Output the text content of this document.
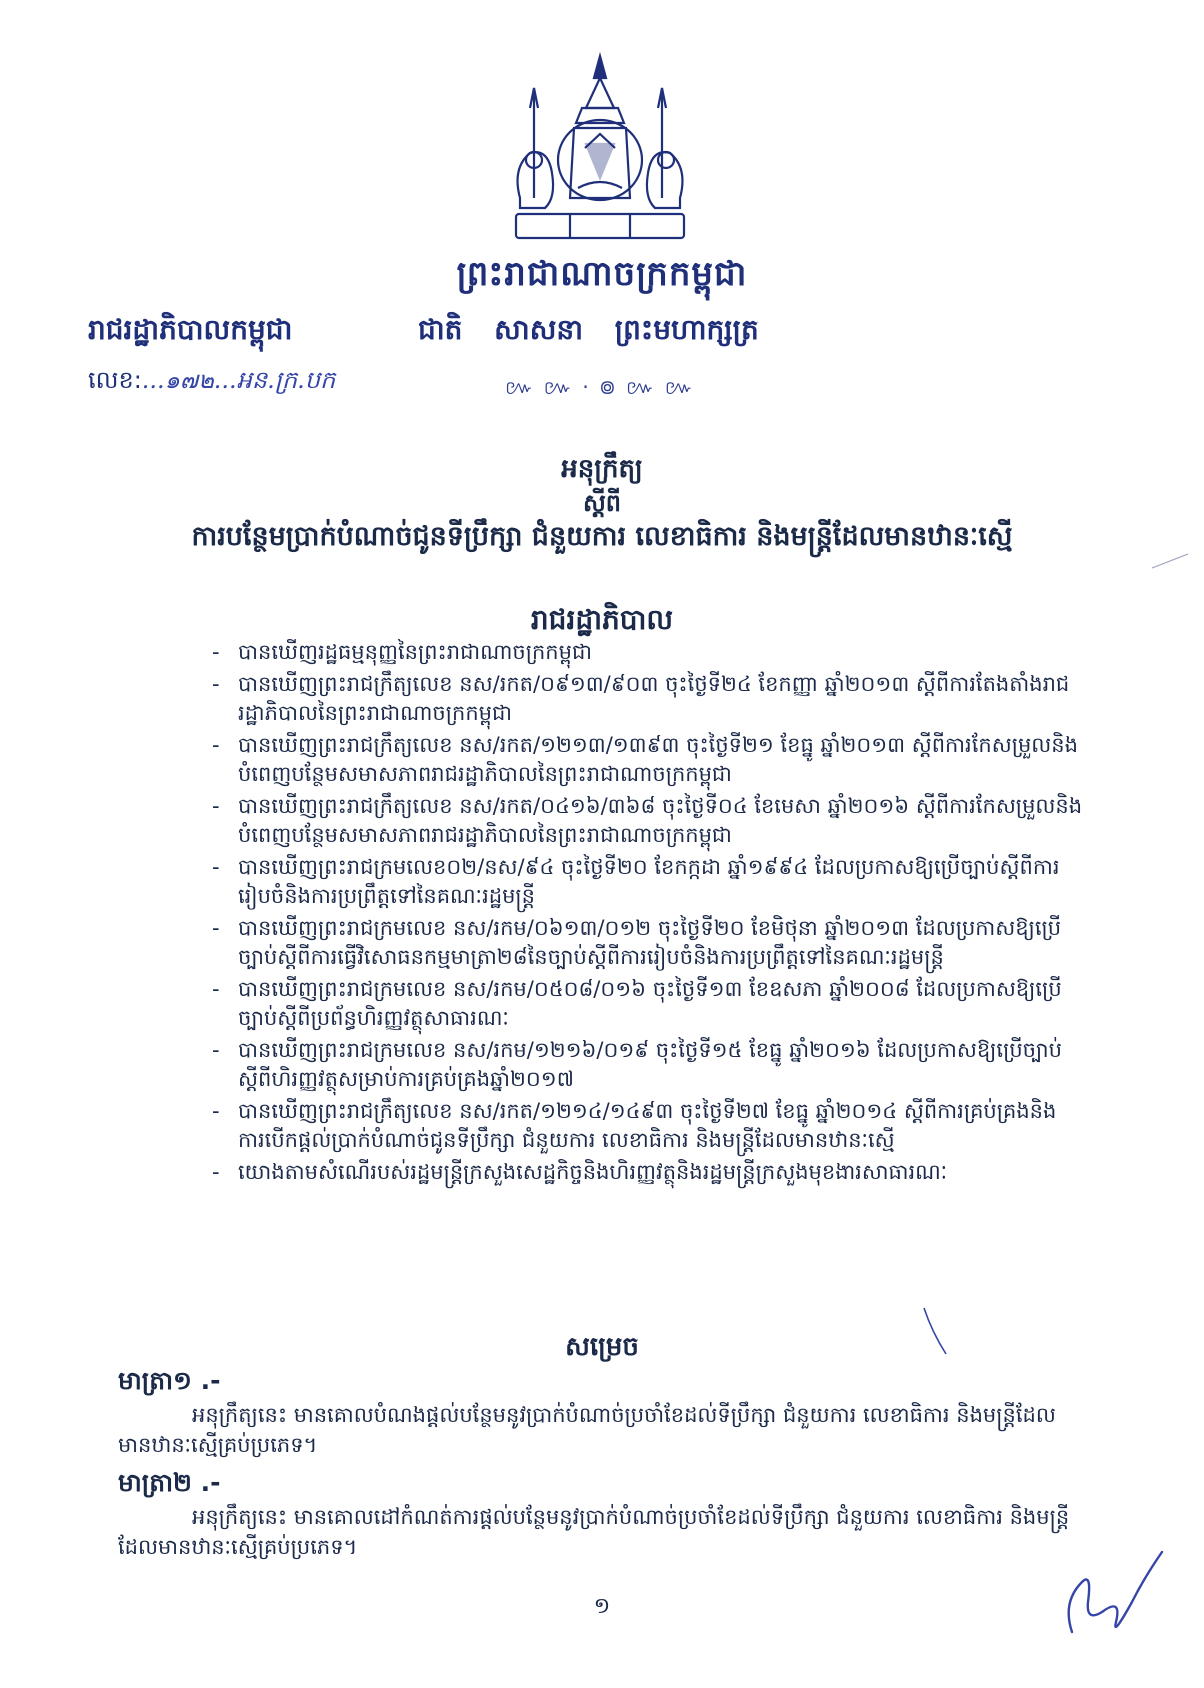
ព្រះរាជាណាចក្រកម្ពុជា
រាជរដ្ឋាភិបាលកម្ពុជា	ជាតិ សាសនា ព្រះមហាក្សត្រ
លេខ:...๑๗๒...អន.ក្រ.បក	៚ ៚ · ៙ ៚ ៚
អនុក្រឹត្យ
ស្ដីពី
ការបន្ថែមប្រាក់បំណាច់ជូនទីប្រឹក្សា ជំនួយការ លេខាធិការ និងមន្ត្រីដែលមានឋានៈស្មើ
រាជរដ្ឋាភិបាល
- បានឃើញរដ្ឋធម្មនុញ្ញនៃព្រះរាជាណាចក្រកម្ពុជា
- បានឃើញព្រះរាជក្រឹត្យលេខ នស/រកត/០៩១៣/៩០៣ ចុះថ្ងៃទី២៤ ខែកញ្ញា ឆ្នាំ២០១៣ ស្ដីពីការតែងតាំងរាជរដ្ឋាភិបាលនៃព្រះរាជាណាចក្រកម្ពុជា
- បានឃើញព្រះរាជក្រឹត្យលេខ នស/រកត/១២១៣/១៣៩៣ ចុះថ្ងៃទី២១ ខែធ្នូ ឆ្នាំ២០១៣ ស្ដីពីការកែសម្រួលនិងបំពេញបន្ថែមសមាសភាពរាជរដ្ឋាភិបាលនៃព្រះរាជាណាចក្រកម្ពុជា
- បានឃើញព្រះរាជក្រឹត្យលេខ នស/រកត/០៤១៦/៣៦៨ ចុះថ្ងៃទី០៤ ខែមេសា ឆ្នាំ២០១៦ ស្ដីពីការកែសម្រួលនិងបំពេញបន្ថែមសមាសភាពរាជរដ្ឋាភិបាលនៃព្រះរាជាណាចក្រកម្ពុជា
- បានឃើញព្រះរាជក្រមលេខ០២/នស/៩៤ ចុះថ្ងៃទី២០ ខែកក្កដា ឆ្នាំ១៩៩៤ ដែលប្រកាសឱ្យប្រើច្បាប់ស្ដីពីការរៀបចំនិងការប្រព្រឹត្តទៅនៃគណៈរដ្ឋមន្ត្រី
- បានឃើញព្រះរាជក្រមលេខ នស/រកម/០៦១៣/០១២ ចុះថ្ងៃទី២០ ខែមិថុនា ឆ្នាំ២០១៣ ដែលប្រកាសឱ្យប្រើច្បាប់ស្ដីពីការធ្វើវិសោធនកម្មមាត្រា២៨នៃច្បាប់ស្ដីពីការរៀបចំនិងការប្រព្រឹត្តទៅនៃគណៈរដ្ឋមន្ត្រី
- បានឃើញព្រះរាជក្រមលេខ នស/រកម/០៥០៨/០១៦ ចុះថ្ងៃទី១៣ ខែឧសភា ឆ្នាំ២០០៨ ដែលប្រកាសឱ្យប្រើច្បាប់ស្ដីពីប្រព័ន្ធហិរញ្ញវត្ថុសាធារណៈ
- បានឃើញព្រះរាជក្រមលេខ នស/រកម/១២១៦/០១៩ ចុះថ្ងៃទី១៥ ខែធ្នូ ឆ្នាំ២០១៦ ដែលប្រកាសឱ្យប្រើច្បាប់ស្ដីពីហិរញ្ញវត្ថុសម្រាប់ការគ្រប់គ្រងឆ្នាំ២០១៧
- បានឃើញព្រះរាជក្រឹត្យលេខ នស/រកត/១២១៤/១៤៩៣ ចុះថ្ងៃទី២៧ ខែធ្នូ ឆ្នាំ២០១៤ ស្ដីពីការគ្រប់គ្រងនិងការបើកផ្ដល់ប្រាក់បំណាច់ជូនទីប្រឹក្សា ជំនួយការ លេខាធិការ និងមន្ត្រីដែលមានឋានៈស្មើ
- យោងតាមសំណើរបស់រដ្ឋមន្ត្រីក្រសួងសេដ្ឋកិច្ចនិងហិរញ្ញវត្ថុនិងរដ្ឋមន្ត្រីក្រសួងមុខងារសាធារណៈ
សម្រេច
មាត្រា១ .-
អនុក្រឹត្យនេះ មានគោលបំណងផ្ដល់បន្ថែមនូវប្រាក់បំណាច់ប្រចាំខែដល់ទីប្រឹក្សា ជំនួយការ លេខាធិការ និងមន្ត្រីដែលមានឋានៈស្មើគ្រប់ប្រភេទ។
មាត្រា២ .-
អនុក្រឹត្យនេះ មានគោលដៅកំណត់ការផ្ដល់បន្ថែមនូវប្រាក់បំណាច់ប្រចាំខែដល់ទីប្រឹក្សា ជំនួយការ លេខាធិការ និងមន្ត្រីដែលមានឋានៈស្មើគ្រប់ប្រភេទ។
១
